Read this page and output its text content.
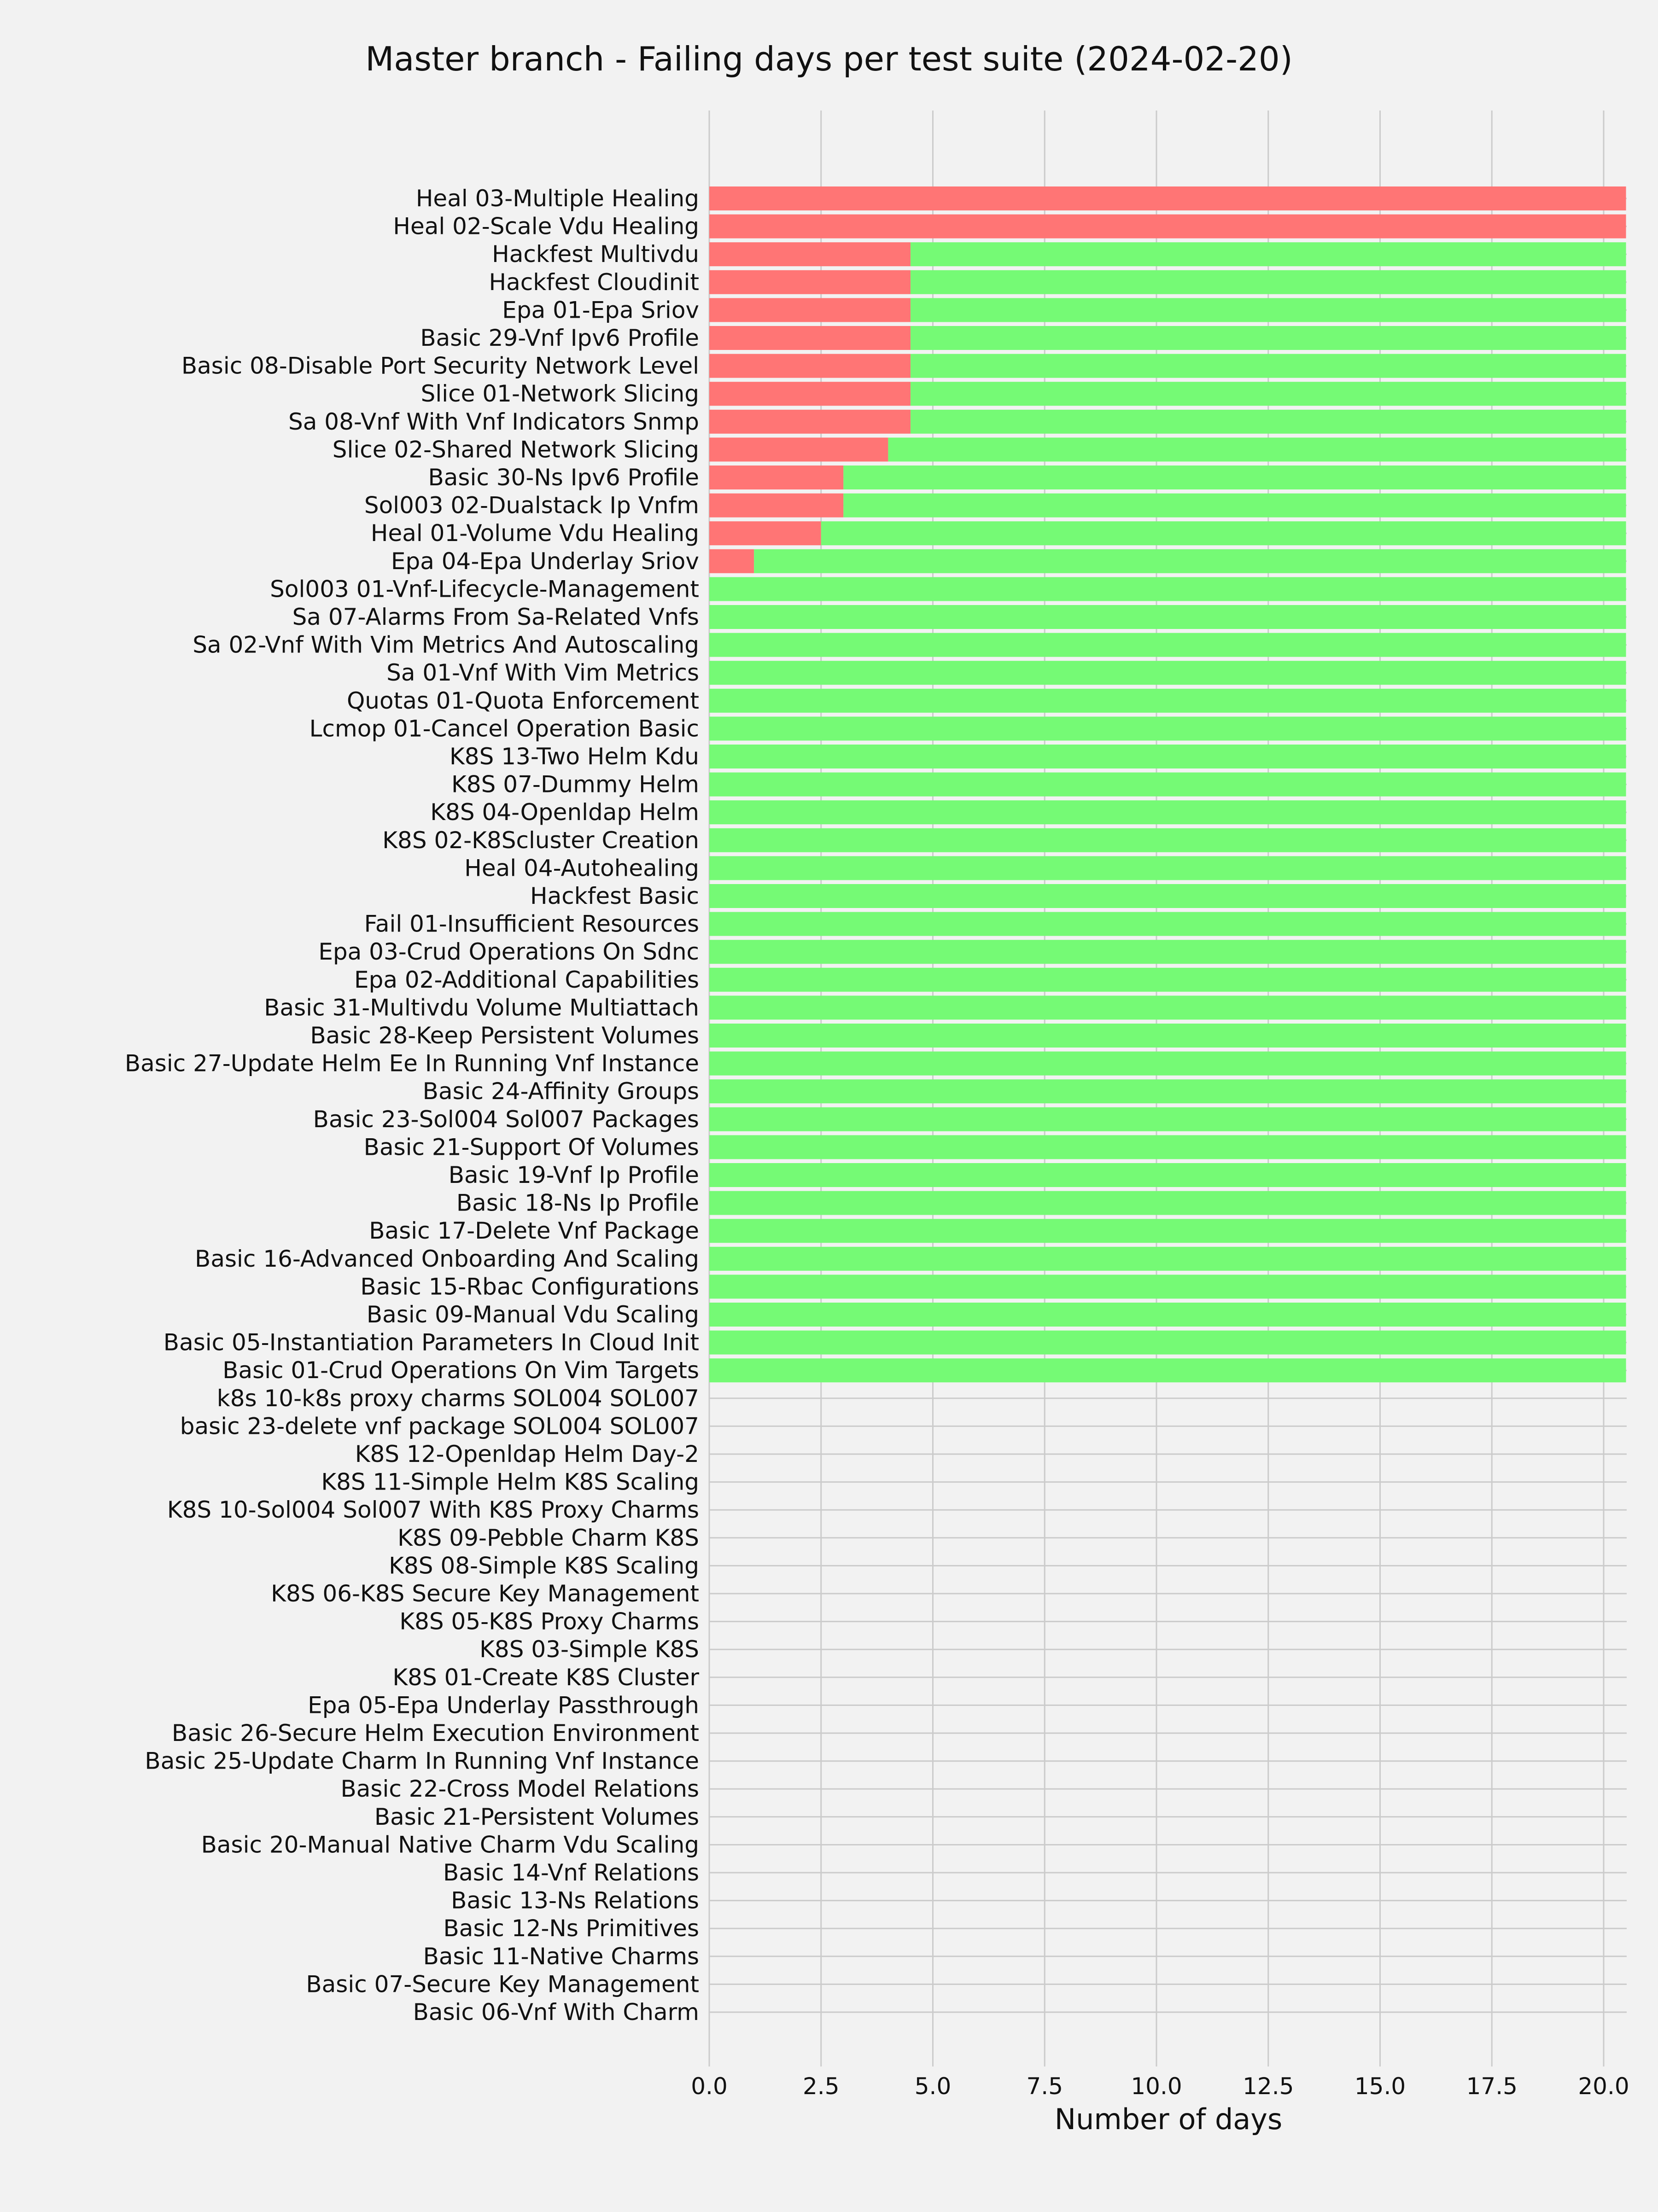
Master branch - Failing days per test suite (2024-02-20)
Heal 03-Multiple Healing
Heal 02-Scale Vdu Healing
Hackfest Multivdu
Hackfest Cloudinit
Epa 01-Epa Sriov
Basic 29-Vnf Ipv6 Profile
Basic 08-Disable Port Security Network Level
Slice 01-Network Slicing
Sa 08-Vnf With Vnf Indicators Snmp
Slice 02-Shared Network Slicing
Basic 30-Ns Ipv6 Profile
Sol003 02-Dualstack Ip Vnfm
Heal 01-Volume Vdu Healing
Epa 04-Epa Underlay Sriov
Sol003 01-Vnf-Lifecycle-Management
Sa 07-Alarms From Sa-Related Vnfs
Sa 02-Vnf With Vim Metrics And Autoscaling
Sa 01-Vnf With Vim Metrics
Quotas 01-Quota Enforcement
Lcmop 01-Cancel Operation Basic
K8S 13-Two Helm Kdu
K8S 07-Dummy Helm
K8S 04-Openldap Helm
K8S 02-K8Scluster Creation
Heal 04-Autohealing
Hackfest Basic
Fail 01-Insufficient Resources
Epa 03-Crud Operations On Sdnc
Epa 02-Additional Capabilities
Basic 31-Multivdu Volume Multiattach
Basic 28-Keep Persistent Volumes
Basic 27-Update Helm Ee In Running Vnf Instance
Basic 24-Affinity Groups
Basic 23-Sol004 Sol007 Packages
Basic 21-Support Of Volumes
Basic 19-Vnf Ip Profile
Basic 18-Ns Ip Profile
Basic 17-Delete Vnf Package
Basic 16-Advanced Onboarding And Scaling
Basic 15-Rbac Configurations
Basic 09-Manual Vdu Scaling
Basic 05-Instantiation Parameters In Cloud Init
Basic 01-Crud Operations On Vim Targets
k8s 10-k8s proxy charms SOL004 SOL007
basic 23-delete vnf package SOL004 SOL007
K8S 12-Openldap Helm Day-2
K8S 11-Simple Helm K8S Scaling
K8S 10-Sol004 Sol007 With K8S Proxy Charms
K8S 09-Pebble Charm K8S
K8S 08-Simple K8S Scaling
K8S 06-K8S Secure Key Management
K8S 05-K8S Proxy Charms
K8S 03-Simple K8S
K8S 01-Create K8S Cluster
Epa 05-Epa Underlay Passthrough
Basic 26-Secure Helm Execution Environment
Basic 25-Update Charm In Running Vnf Instance
Basic 22-Cross Model Relations
Basic 21-Persistent Volumes
Basic 20-Manual Native Charm Vdu Scaling
Basic 14-Vnf Relations
Basic 13-Ns Relations
Basic 12-Ns Primitives
Basic 11-Native Charms
Basic 07-Secure Key Management
Basic 06-Vnf With Charm
0.0	2.5	5.0	7.5	10.0	12.5	15.0	17.5	20.0
Number of days
